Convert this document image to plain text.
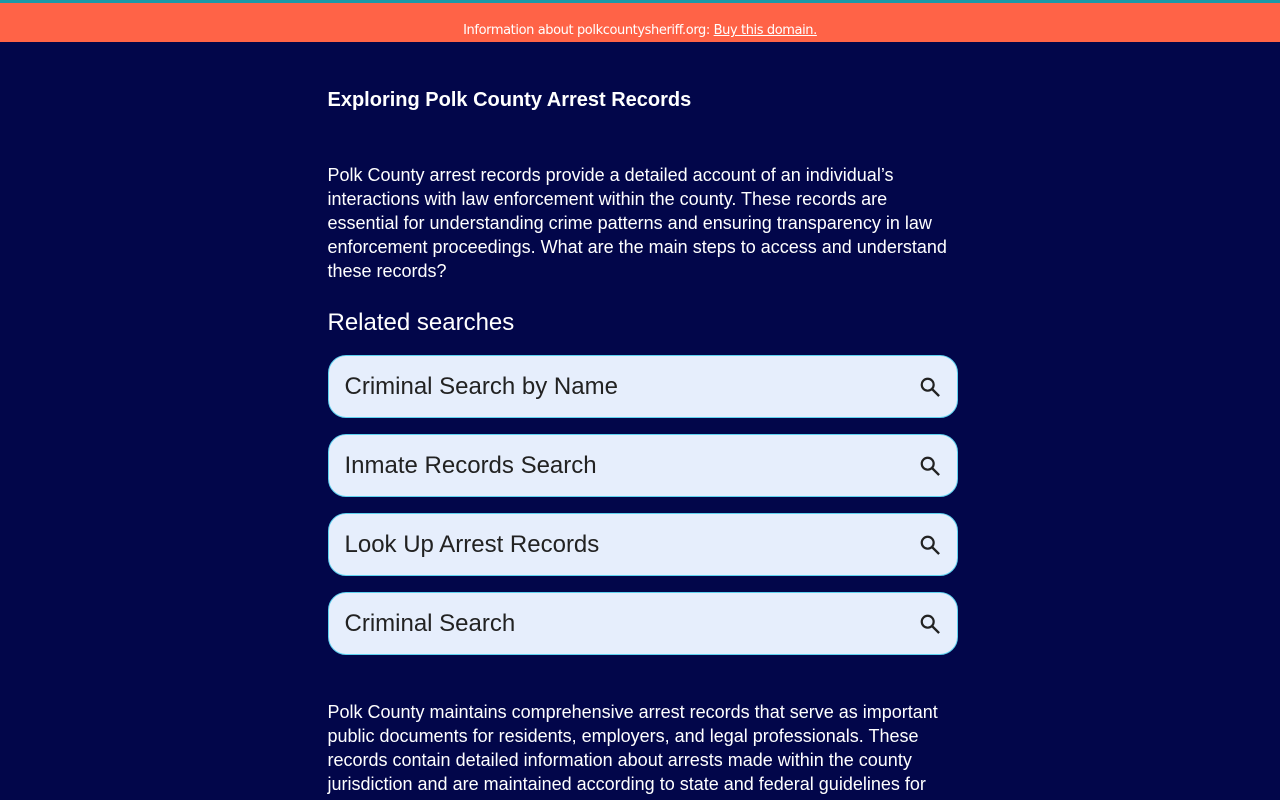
Information about polkcountysheriff.org: Buy this domain.
Exploring Polk County Arrest Records

Polk County arrest records provide a detailed account of an individual’s interactions with law enforcement within the county. These records are essential for understanding crime patterns and ensuring transparency in law enforcement proceedings. What are the main steps to access and understand these records?

Related searches
Criminal Search by Name
Inmate Records Search
Look Up Arrest Records
Criminal Search

Polk County maintains comprehensive arrest records that serve as important public documents for residents, employers, and legal professionals. These records contain detailed information about arrests made within the county jurisdiction and are maintained according to state and federal guidelines for
